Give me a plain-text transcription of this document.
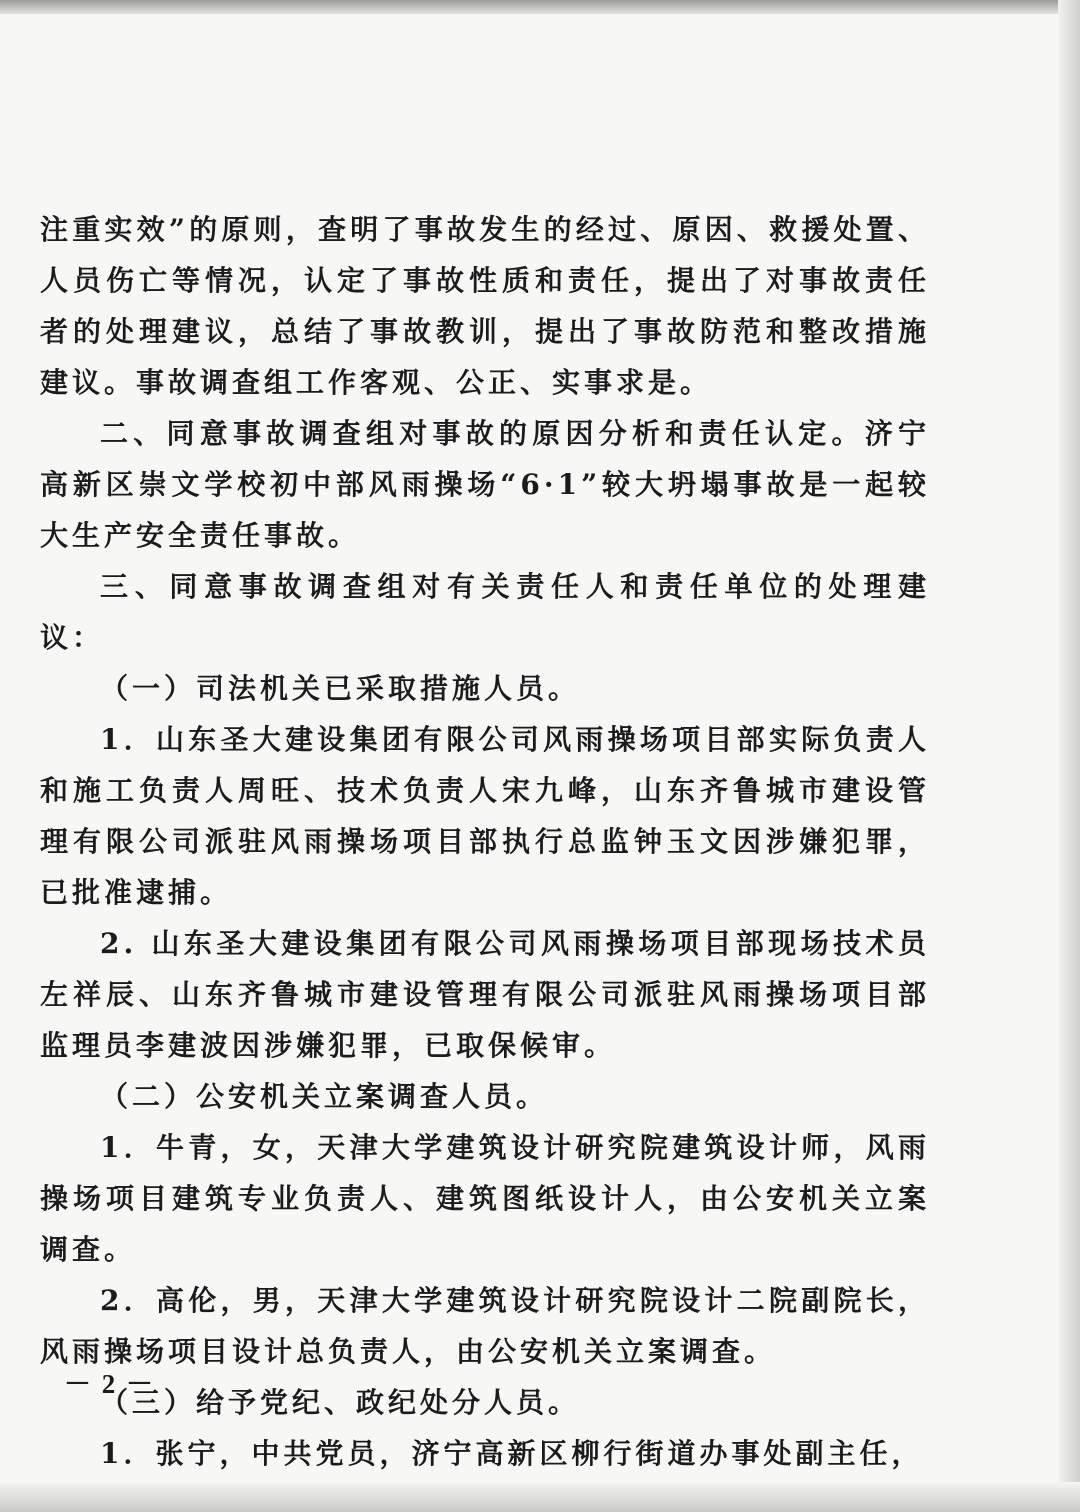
注重实效”的原则，查明了事故发生的经过、原因、救援处置、人员伤亡等情况，认定了事故性质和责任，提出了对事故责任者的处理建议，总结了事故教训，提出了事故防范和整改措施建议。事故调查组工作客观、公正、实事求是。

二、同意事故调查组对事故的原因分析和责任认定。济宁高新区崇文学校初中部风雨操场“6·1”较大坍塌事故是一起较大生产安全责任事故。

三、同意事故调查组对有关责任人和责任单位的处理建议：

（一）司法机关已采取措施人员。

1．山东圣大建设集团有限公司风雨操场项目部实际负责人和施工负责人周旺、技术负责人宋九峰，山东齐鲁城市建设管理有限公司派驻风雨操场项目部执行总监钟玉文因涉嫌犯罪，已批准逮捕。

2. 山东圣大建设集团有限公司风雨操场项目部现场技术员左祥辰、山东齐鲁城市建设管理有限公司派驻风雨操场项目部监理员李建波因涉嫌犯罪，已取保候审。

（二）公安机关立案调查人员。

1．牛青，女，天津大学建筑设计研究院建筑设计师，风雨操场项目建筑专业负责人、建筑图纸设计人，由公安机关立案调查。

2．高伦，男，天津大学建筑设计研究院设计二院副院长，风雨操场项目设计总负责人，由公安机关立案调查。

（三）给予党纪、政纪处分人员。

1．张宁，中共党员，济宁高新区柳行街道办事处副主任，

－ 2 －
